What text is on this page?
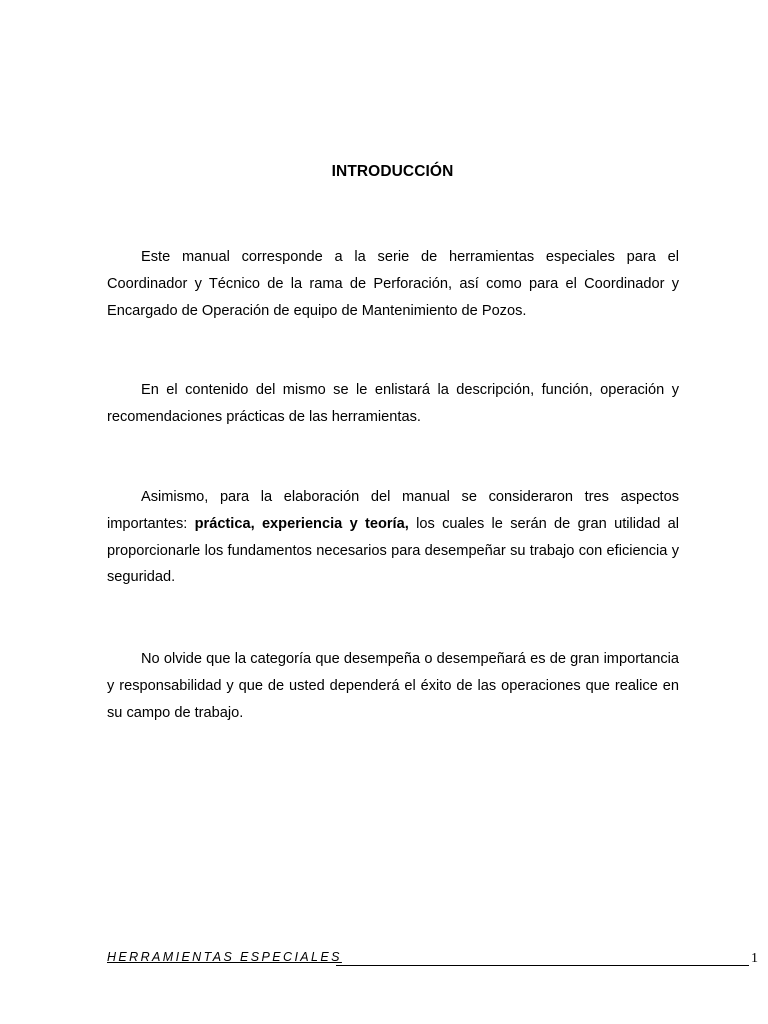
INTRODUCCIÓN

Este manual corresponde a la serie de herramientas especiales para el Coordinador y Técnico de la rama de Perforación, así como para el Coordinador y Encargado de Operación de equipo de Mantenimiento de Pozos.

En el contenido del mismo se le enlistará la descripción, función, operación y recomendaciones prácticas de las herramientas.

Asimismo, para la elaboración del manual se consideraron tres aspectos importantes: práctica, experiencia y teoría, los cuales le serán de gran utilidad al proporcionarle los fundamentos necesarios para desempeñar su trabajo con eficiencia y seguridad.

No olvide que la categoría que desempeña o desempeñará es de gran importancia y responsabilidad y que de usted dependerá el éxito de las operaciones que realice en su campo de trabajo.

HERRAMIENTAS ESPECIALES	1
